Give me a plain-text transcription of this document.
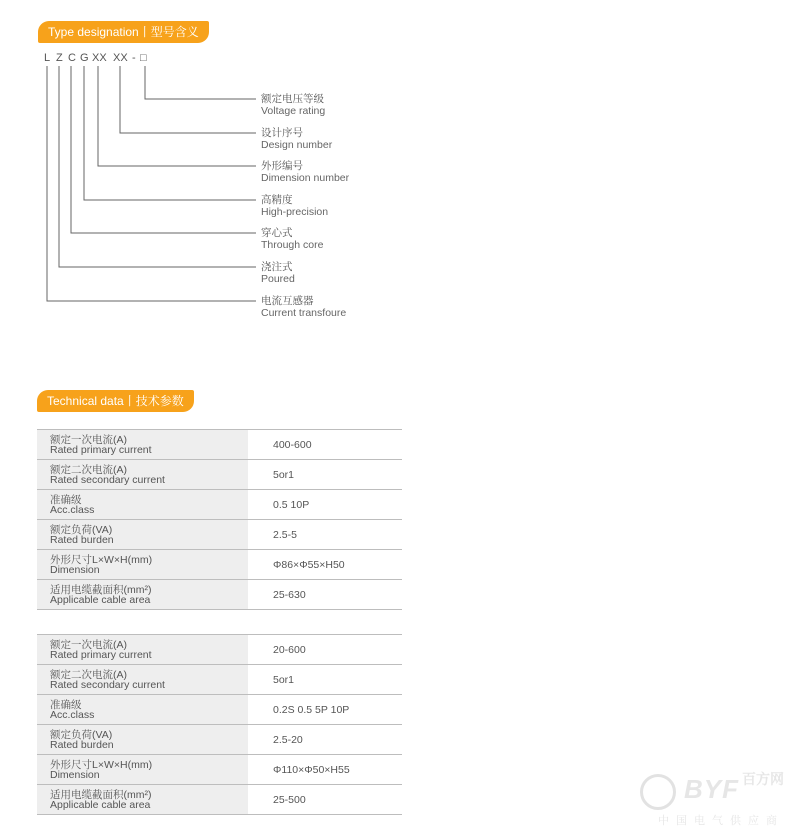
Type designation丨型号含义
L Z C G XX XX - □
额定电压等级
Voltage rating
设计序号
Design number
外形编号
Dimension number
高精度
High-precision
穿心式
Through core
浇注式
Poured
电流互感器
Current transfoure
Technical data丨技术参数
额定一次电流(A)
Rated primary current	400-600

额定二次电流(A)
Rated secondary current	5or1

准确级
Acc.class	0.5 10P

额定负荷(VA)
Rated burden	2.5-5

外形尺寸L×W×H(mm)
Dimension	Φ86×Φ55×H50

适用电缆截面积(mm²)
Applicable cable area	25-630
额定一次电流(A)
Rated primary current	20-600

额定二次电流(A)
Rated secondary current	5or1

准确级
Acc.class	0.2S 0.5 5P 10P

额定负荷(VA)
Rated burden	2.5-20

外形尺寸L×W×H(mm)
Dimension	Φ110×Φ50×H55

适用电缆截面积(mm²)
Applicable cable area	25-500	BYF 百方网
中国电气供应商
